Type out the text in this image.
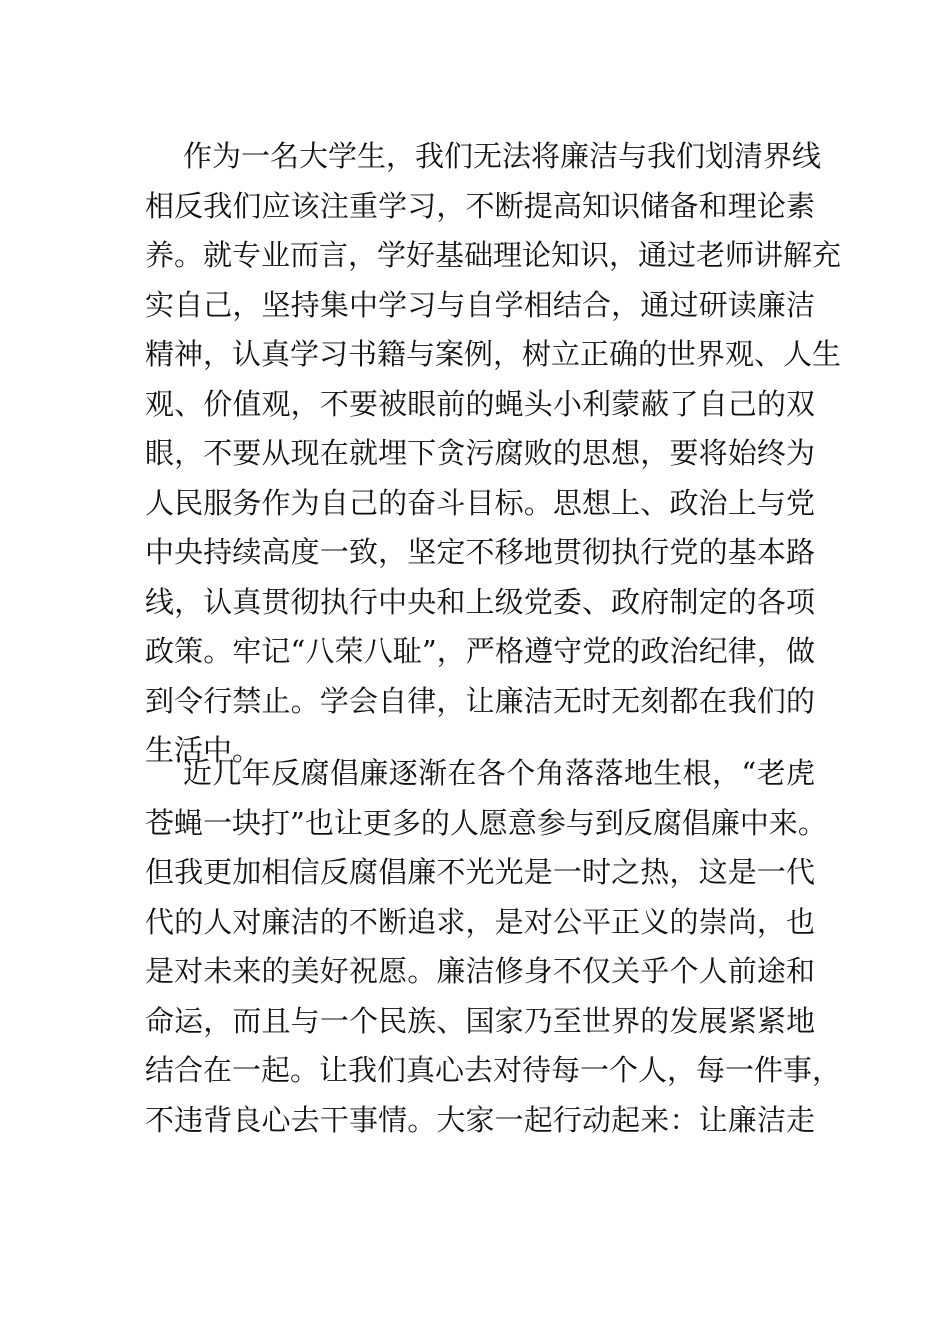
作为一名大学生，我们无法将廉洁与我们划清界线
相反我们应该注重学习，不断提高知识储备和理论素
养。就专业而言，学好基础理论知识，通过老师讲解充
实自己，坚持集中学习与自学相结合，通过研读廉洁
精神，认真学习书籍与案例，树立正确的世界观、人生
观、价值观，不要被眼前的蝇头小利蒙蔽了自己的双
眼，不要从现在就埋下贪污腐败的思想，要将始终为
人民服务作为自己的奋斗目标。思想上、政治上与党
中央持续高度一致，坚定不移地贯彻执行党的基本路
线，认真贯彻执行中央和上级党委、政府制定的各项
政策。牢记“八荣八耻”，严格遵守党的政治纪律，做
到令行禁止。学会自律，让廉洁无时无刻都在我们的
生活中。

近几年反腐倡廉逐渐在各个角落落地生根，“老虎
苍蝇一块打”也让更多的人愿意参与到反腐倡廉中来。
但我更加相信反腐倡廉不光光是一时之热，这是一代
代的人对廉洁的不断追求，是对公平正义的崇尚，也
是对未来的美好祝愿。廉洁修身不仅关乎个人前途和
命运，而且与一个民族、国家乃至世界的发展紧紧地
结合在一起。让我们真心去对待每一个人，每一件事，
不违背良心去干事情。大家一起行动起来：让廉洁走
